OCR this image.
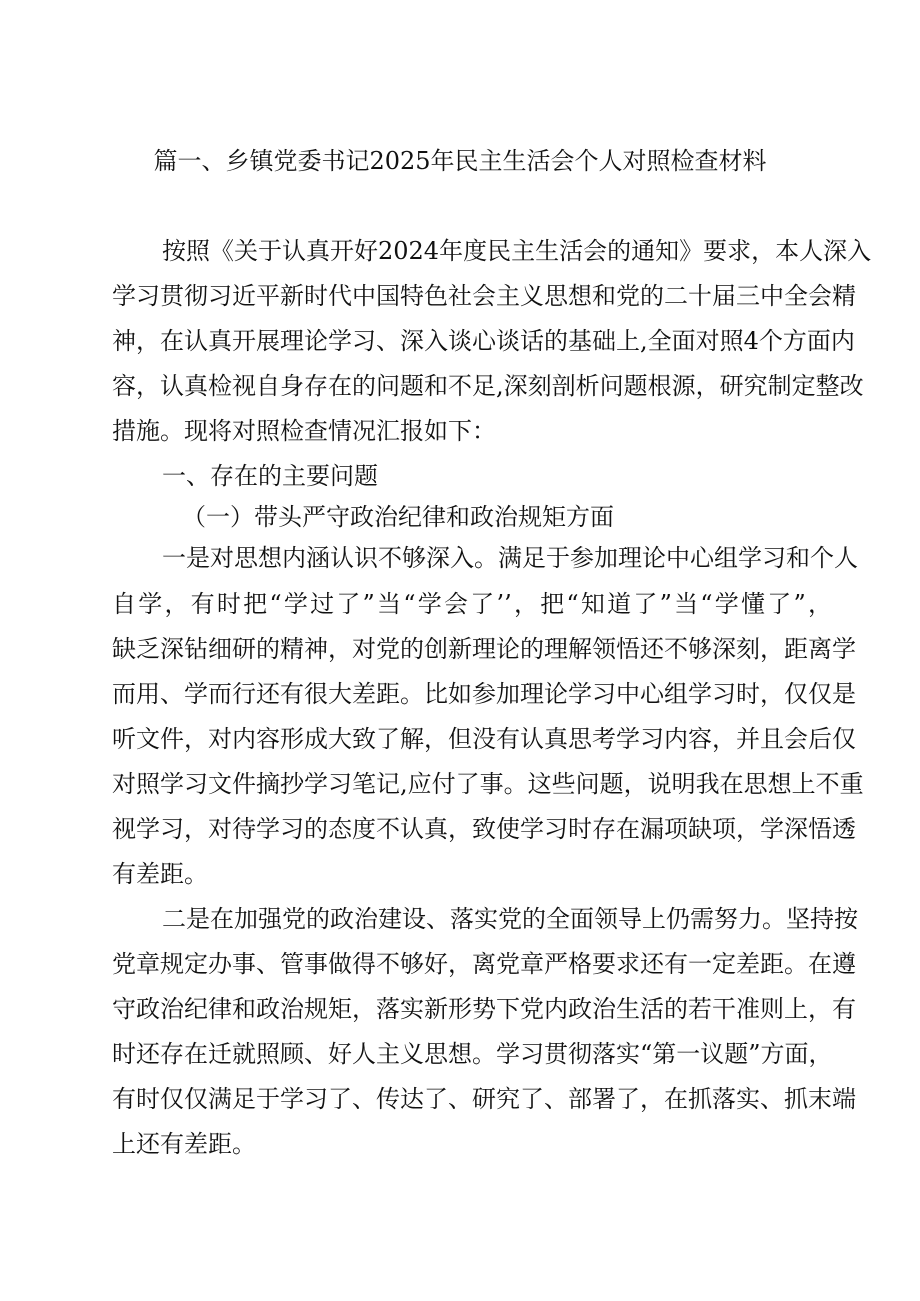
篇一、乡镇党委书记2025年民主生活会个人对照检查材料
按照《关于认真开好2024年度民主生活会的通知》要求，本人深入
学习贯彻习近平新时代中国特色社会主义思想和党的二十届三中全会精
神，在认真开展理论学习、深入谈心谈话的基础上,全面对照4个方面内
容，认真检视自身存在的问题和不足,深刻剖析问题根源，研究制定整改
措施。现将对照检查情况汇报如下：
一、存在的主要问题
（一）带头严守政治纪律和政治规矩方面
一是对思想内涵认识不够深入。满足于参加理论中心组学习和个人
自学，有时把“学过了”当“学会了’’，把“知道了”当“学懂了”，
缺乏深钻细研的精神，对党的创新理论的理解领悟还不够深刻，距离学
而用、学而行还有很大差距。比如参加理论学习中心组学习时，仅仅是
听文件，对内容形成大致了解，但没有认真思考学习内容，并且会后仅
对照学习文件摘抄学习笔记,应付了事。这些问题，说明我在思想上不重
视学习，对待学习的态度不认真，致使学习时存在漏项缺项，学深悟透
有差距。
二是在加强党的政治建设、落实党的全面领导上仍需努力。坚持按
党章规定办事、管事做得不够好，离党章严格要求还有一定差距。在遵
守政治纪律和政治规矩，落实新形势下党内政治生活的若干准则上，有
时还存在迁就照顾、好人主义思想。学习贯彻落实“第一议题”方面，
有时仅仅满足于学习了、传达了、研究了、部署了，在抓落实、抓末端
上还有差距。
